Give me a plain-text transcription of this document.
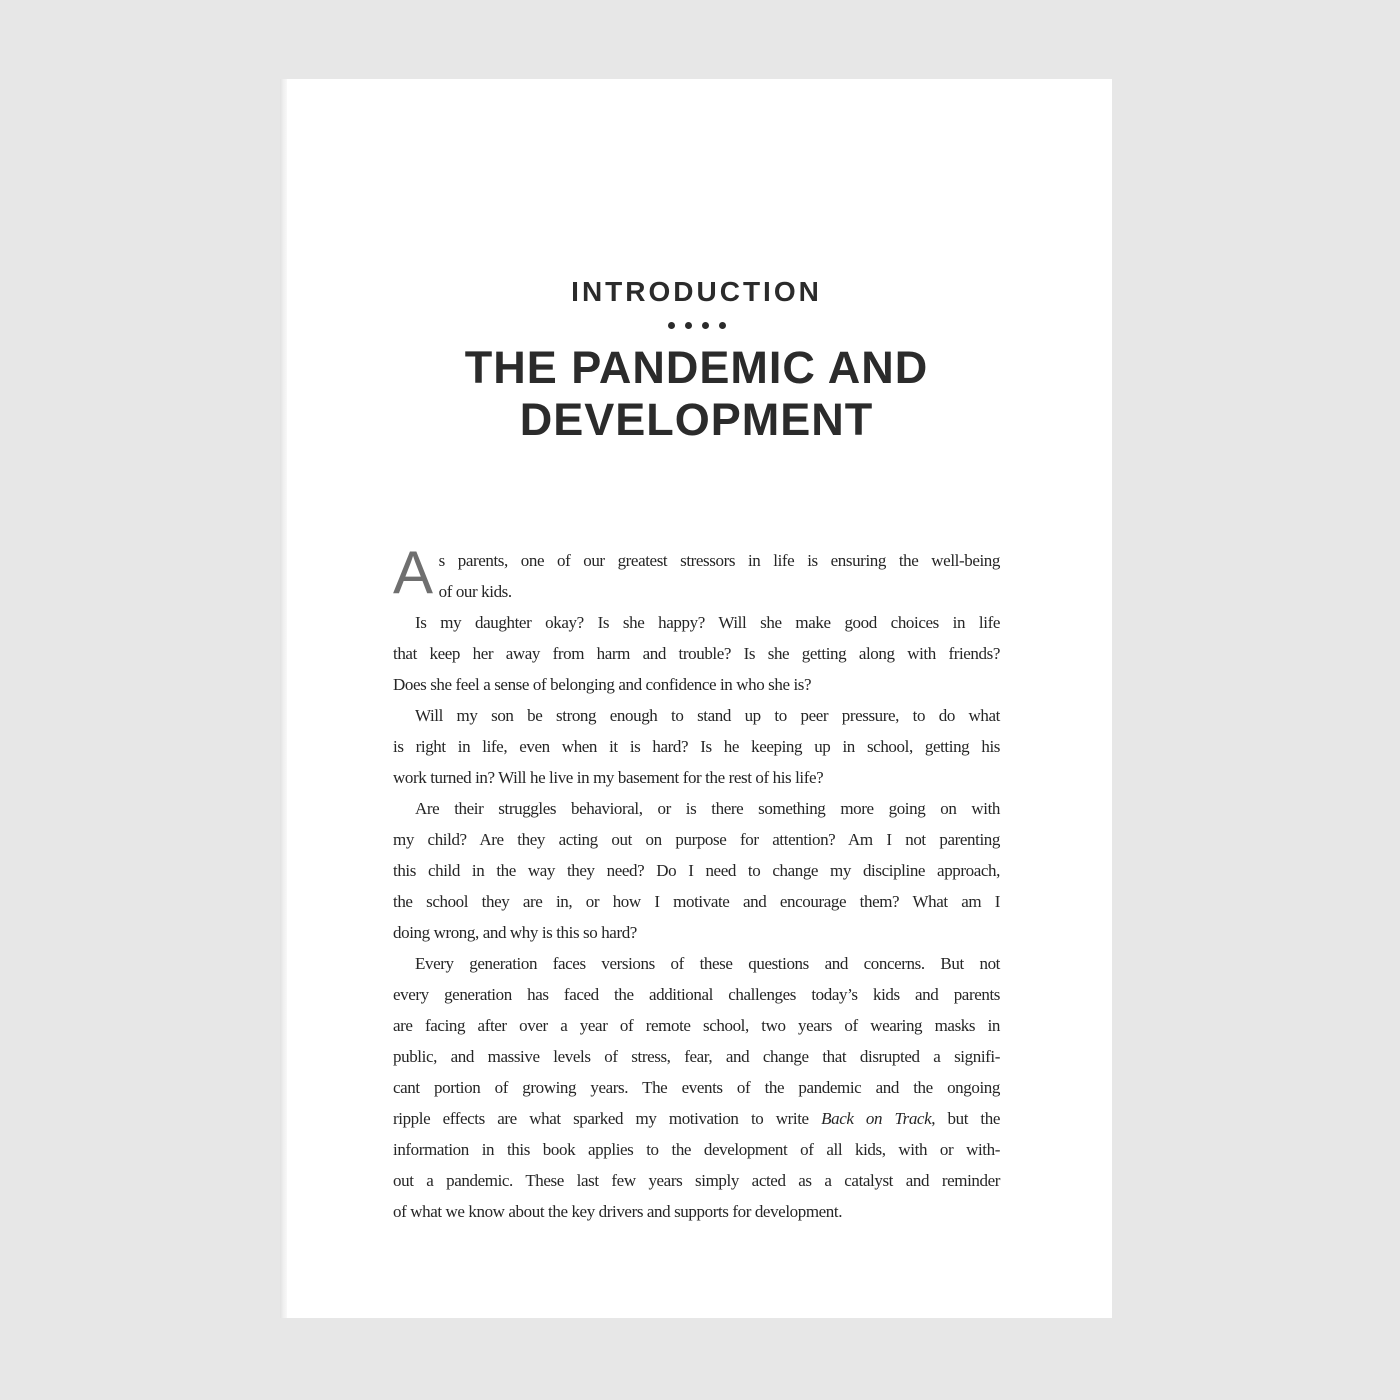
INTRODUCTION
THE PANDEMIC AND
DEVELOPMENT
A s parents, one of our greatest stressors in life is ensuring the well-being
of our kids.
Is my daughter okay? Is she happy? Will she make good choices in life
that keep her away from harm and trouble? Is she getting along with friends?
Does she feel a sense of belonging and confidence in who she is?
Will my son be strong enough to stand up to peer pressure, to do what
is right in life, even when it is hard? Is he keeping up in school, getting his
work turned in? Will he live in my basement for the rest of his life?
Are their struggles behavioral, or is there something more going on with
my child? Are they acting out on purpose for attention? Am I not parenting
this child in the way they need? Do I need to change my discipline approach,
the school they are in, or how I motivate and encourage them? What am I
doing wrong, and why is this so hard?
Every generation faces versions of these questions and concerns. But not
every generation has faced the additional challenges today’s kids and parents
are facing after over a year of remote school, two years of wearing masks in
public, and massive levels of stress, fear, and change that disrupted a signifi-
cant portion of growing years. The events of the pandemic and the ongoing
ripple effects are what sparked my motivation to write Back on Track, but the
information in this book applies to the development of all kids, with or with-
out a pandemic. These last few years simply acted as a catalyst and reminder
of what we know about the key drivers and supports for development.
